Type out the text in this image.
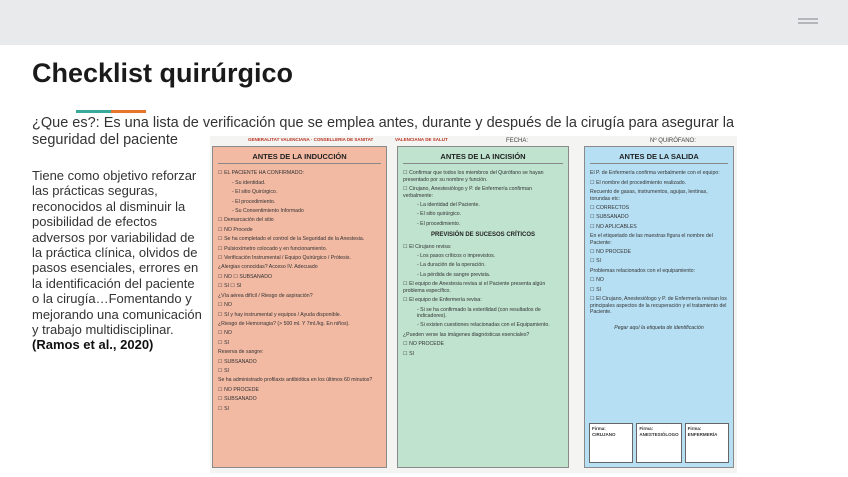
Checklist quirúrgico

¿Que es?: Es una lista de verificación que se emplea antes, durante y después de la cirugía para asegurar la seguridad del paciente

Tiene como objetivo reforzar las prácticas seguras, reconocidos al disminuir la posibilidad de efectos adversos por variabilidad de la práctica clínica, olvidos de pasos esenciales, errores en la identificación del paciente o la cirugía…Fomentando y mejorando una comunicación y trabajo multidisciplinar.(Ramos et al., 2020)

GENERALITAT VALENCIANA · CONSELLERIA DE SANITAT	VALENCIANA DE SALUT	FECHA:	Nº QUIRÓFANO:
ANTES DE LA INDUCCIÓN
☐ EL PACIENTE HA CONFIRMADO:
- Su identidad.
- El sitio Quirúrgico.
- El procedimiento.
- Su Consentimiento Informado
☐ Demarcación del sitio
☐ NO Procede
☐ Se ha completado el control de la Seguridad de la Anestesia.
☐ Pulsioxímetro colocado y en funcionamiento.
☐ Verificación Instrumental / Equipo Quirúrgico / Prótesis.
¿Alergias conocidas? Acceso IV. Adecuado
☐ NO ☐ SUBSANADO
☐ SI ☐ SI
¿Vía aérea difícil / Riesgo de aspiración?
☐ NO
☐ SI y hay instrumental y equipos / Ayuda disponible.
¿Riesgo de Hemorragia? (> 500 ml. Y 7ml./kg. En niños).
☐ NO
☐ SI
Reserva de sangre:
☐ SUBSANADO
☐ SI
Se ha administrado profilaxis antibiótica en los últimos 60 minutos?
☐ NO PROCEDE
☐ SUBSANADO
☐ SI
ANTES DE LA INCISIÓN
☐ Confirmar que todos los miembros del Quirófano se hayan presentado por su nombre y función.
☐ Cirujano, Anestesiólogo y P. de Enfermería confirman verbalmente:
- La identidad del Paciente.
- El sitio quirúrgico.
- El procedimiento.
PREVISIÓN DE SUCESOS CRÍTICOS
☐ El Cirujano revisa:
- Los pasos críticos o imprevistos.
- La duración de la operación.
- La pérdida de sangre prevista.
☐ El equipo de Anestesia revisa si el Paciente presenta algún problema específico.
☐ El equipo de Enfermería revisa:
- Si se ha confirmado la esterilidad (con resultados de indicadores).
- Si existen cuestiones relacionadas con el Equipamiento.
¿Pueden verse las imágenes diagnósticas esenciales?
☐ NO PROCEDE
☐ SI
ANTES DE LA SALIDA
El P. de Enfermería confirma verbalmente con el equipo:
☐ El nombre del procedimiento realizado.
Recuento de gasas, instrumentos, agujas, lentinas, torundas etc:
☐ CORRECTOS
☐ SUBSANADO
☐ NO APLICABLES
En el etiquetado de las muestras figura el nombre del Paciente:
☐ NO PROCEDE
☐ SI
Problemas relacionados con el equipamiento:
☐ NO
☐ SI
☐ El Cirujano, Anestesiólogo y P. de Enfermería revisan los principales aspectos de la recuperación y el tratamiento del Paciente.
Pegar aquí la etiqueta de identificación
Firma: CIRUJANO
Firma: ANESTESIÓLOGO
Firma: ENFERMERÍA
